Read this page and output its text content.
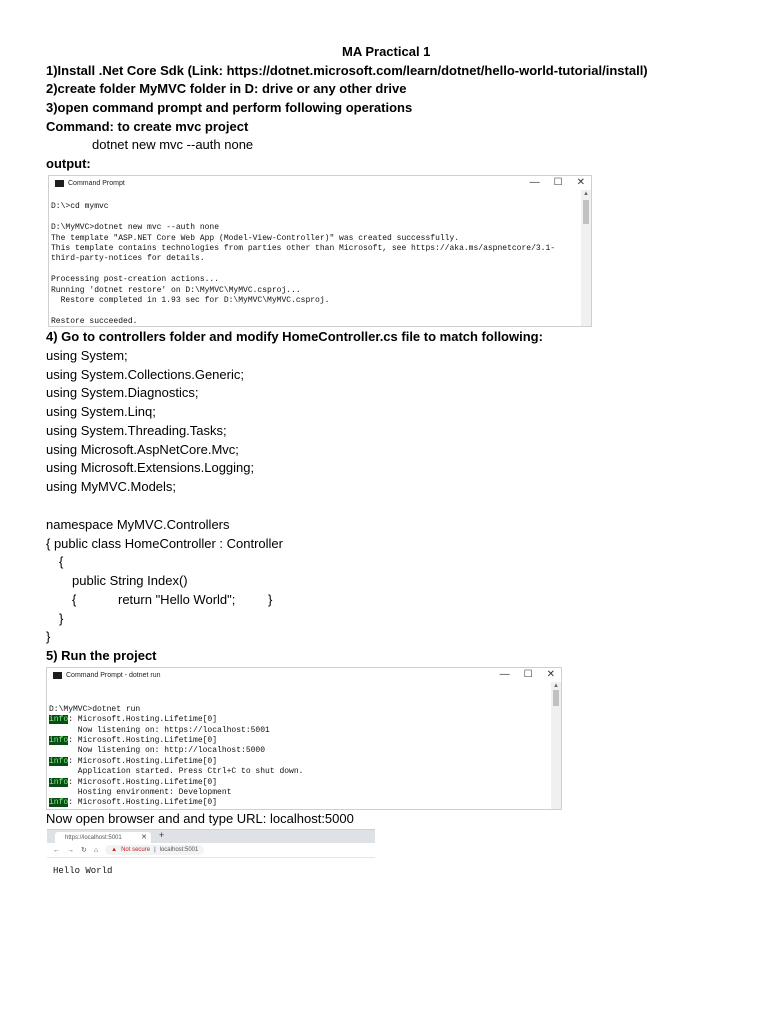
MA Practical 1
1)Install .Net Core Sdk (Link: https://dotnet.microsoft.com/learn/dotnet/hello-world-tutorial/install)
2)create folder MyMVC folder in D: drive or any other drive
3)open command prompt and perform following operations
Command: to create mvc project
dotnet new mvc --auth none
output:
4) Go to controllers folder and modify HomeController.cs file to match following:
using System;
using System.Collections.Generic;
using System.Diagnostics;
using System.Linq;
using System.Threading.Tasks;
using Microsoft.AspNetCore.Mvc;
using Microsoft.Extensions.Logging;
using MyMVC.Models;
namespace MyMVC.Controllers
{ public class HomeController : Controller
{
public String Index()
{	return "Hello World";	}
}
}
5) Run the project
Now open browser and and type URL: localhost:5000
Command Prompt	— ☐ ✕

D:\>cd mymvc

D:\MyMVC>dotnet new mvc --auth none
The template "ASP.NET Core Web App (Model-View-Controller)" was created successfully.
This template contains technologies from parties other than Microsoft, see https://aka.ms/aspnetcore/3.1-
third-party-notices for details.

Processing post-creation actions...
Running 'dotnet restore' on D:\MyMVC\MyMVC.csproj...
Restore completed in 1.93 sec for D:\MyMVC\MyMVC.csproj.

Restore succeeded.

▲
Command Prompt - dotnet run	— ☐ ✕

D:\MyMVC>dotnet run
info: Microsoft.Hosting.Lifetime[0]
Now listening on: https://localhost:5001
info: Microsoft.Hosting.Lifetime[0]
Now listening on: http://localhost:5000
info: Microsoft.Hosting.Lifetime[0]
Application started. Press Ctrl+C to shut down.
info: Microsoft.Hosting.Lifetime[0]
Hosting environment: Development
info: Microsoft.Hosting.Lifetime[0]

▲
https://localhost:5001	✕ +
← → ↻ ⌂ ▲ Not secure | localhost:5001
Hello World
